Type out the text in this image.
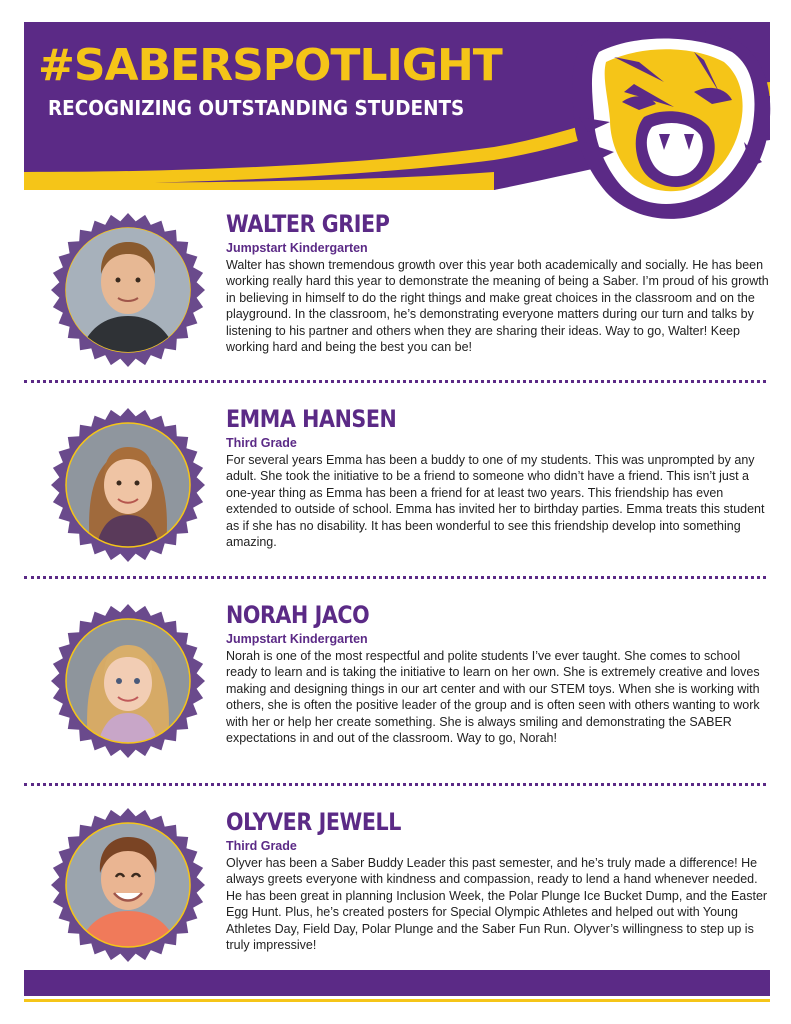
#SABERSPOTLIGHT
RECOGNIZING OUTSTANDING STUDENTS
WALTER GRIEP

Jumpstart Kindergarten

Walter has shown tremendous growth over this year both academically and socially. He has been working really hard this year to demonstrate the meaning of being a Saber. I’m proud of his growth in believing in himself to do the right things and make great choices in the classroom and on the playground. In the classroom, he’s demonstrating everyone matters during our turn and talks by listening to his partner and others when they are sharing their ideas. Way to go, Walter! Keep working hard and being the best you can be!

EMMA HANSEN

Third Grade

For several years Emma has been a buddy to one of my students. This was unprompted by any adult. She took the initiative to be a friend to someone who didn’t have a friend. This isn’t just a one-year thing as Emma has been a friend for at least two years. This friendship has even extended to outside of school. Emma has invited her to birthday parties. Emma treats this student as if she has no disability. It has been wonderful to see this friendship develop into something amazing.

NORAH JACO

Jumpstart Kindergarten

Norah is one of the most respectful and polite students I’ve ever taught. She comes to school ready to learn and is taking the initiative to learn on her own. She is extremely creative and loves making and designing things in our art center and with our STEM toys. When she is working with others, she is often the positive leader of the group and is often seen with others wanting to work with her or help her create something. She is always smiling and demonstrating the SABER expectations in and out of the classroom. Way to go, Norah!

OLYVER JEWELL

Third Grade

Olyver has been a Saber Buddy Leader this past semester, and he’s truly made a difference! He always greets everyone with kindness and compassion, ready to lend a hand whenever needed. He has been great in planning Inclusion Week, the Polar Plunge Ice Bucket Dump, and the Easter Egg Hunt. Plus, he’s created posters for Special Olympic Athletes and helped out with Young Athletes Day, Field Day, Polar Plunge and the Saber Fun Run. Olyver’s willingness to step up is truly impressive!
